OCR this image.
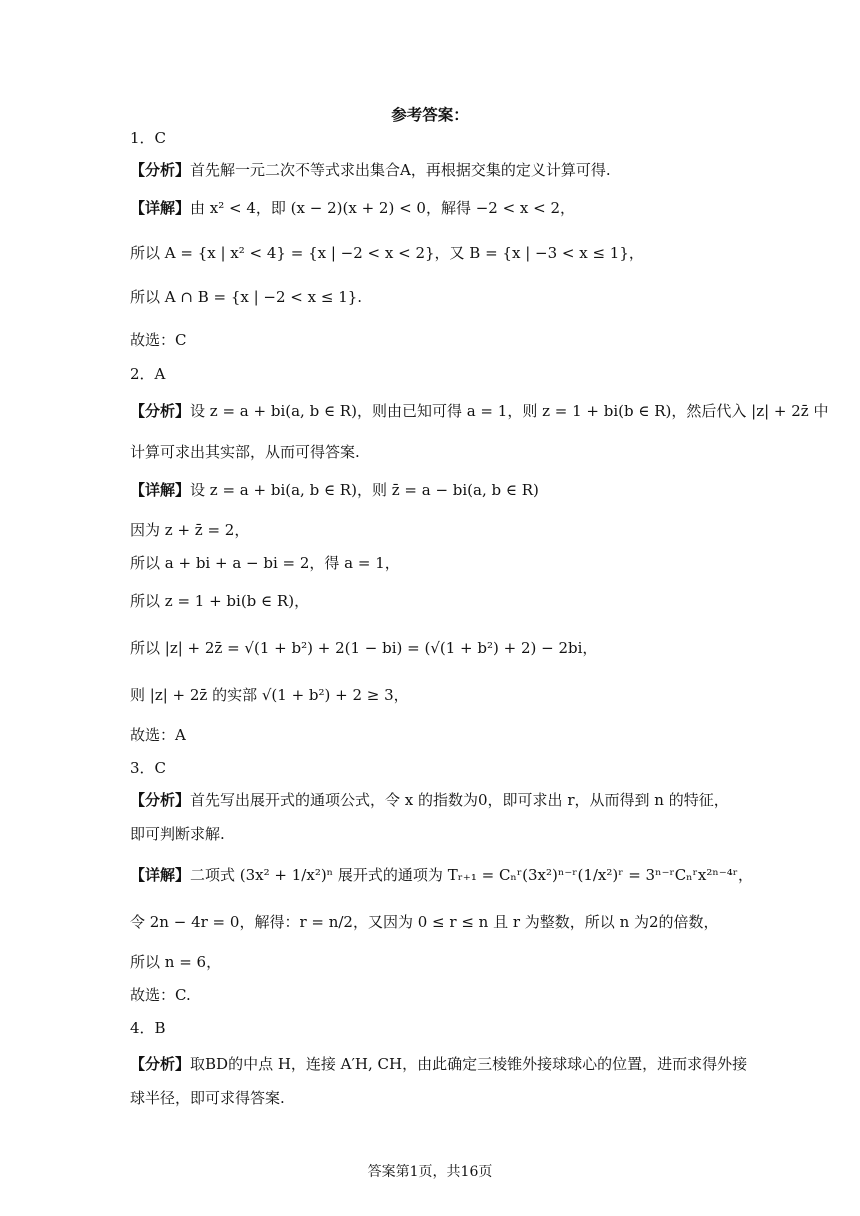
参考答案：
1．C
【分析】首先解一元二次不等式求出集合A，再根据交集的定义计算可得.
【详解】由 x² < 4，即 (x − 2)(x + 2) < 0，解得 −2 < x < 2，
所以 A = {x | x² < 4} = {x | −2 < x < 2}，又 B = {x | −3 < x ≤ 1}，
所以 A ∩ B = {x | −2 < x ≤ 1}.
故选：C
2．A
【分析】设 z = a + bi(a, b ∈ R)，则由已知可得 a = 1，则 z = 1 + bi(b ∈ R)，然后代入 |z| + 2z̄ 中
计算可求出其实部，从而可得答案.
【详解】设 z = a + bi(a, b ∈ R)，则 z̄ = a − bi(a, b ∈ R)
因为 z + z̄ = 2，
所以 a + bi + a − bi = 2，得 a = 1，
所以 z = 1 + bi(b ∈ R)，
所以 |z| + 2z̄ = √(1 + b²) + 2(1 − bi) = (√(1 + b²) + 2) − 2bi，
则 |z| + 2z̄ 的实部 √(1 + b²) + 2 ≥ 3，
故选：A
3．C
【分析】首先写出展开式的通项公式，令 x 的指数为0，即可求出 r，从而得到 n 的特征，
即可判断求解.
【详解】二项式 (3x² + 1/x²)ⁿ 展开式的通项为 Tᵣ₊₁ = Cₙʳ(3x²)ⁿ⁻ʳ(1/x²)ʳ = 3ⁿ⁻ʳCₙʳx²ⁿ⁻⁴ʳ，
令 2n − 4r = 0，解得：r = n/2，又因为 0 ≤ r ≤ n 且 r 为整数，所以 n 为2的倍数，
所以 n = 6，
故选：C.
4．B
【分析】取BD的中点 H，连接 A′H, CH，由此确定三棱锥外接球球心的位置，进而求得外接
球半径，即可求得答案.
答案第1页，共16页
